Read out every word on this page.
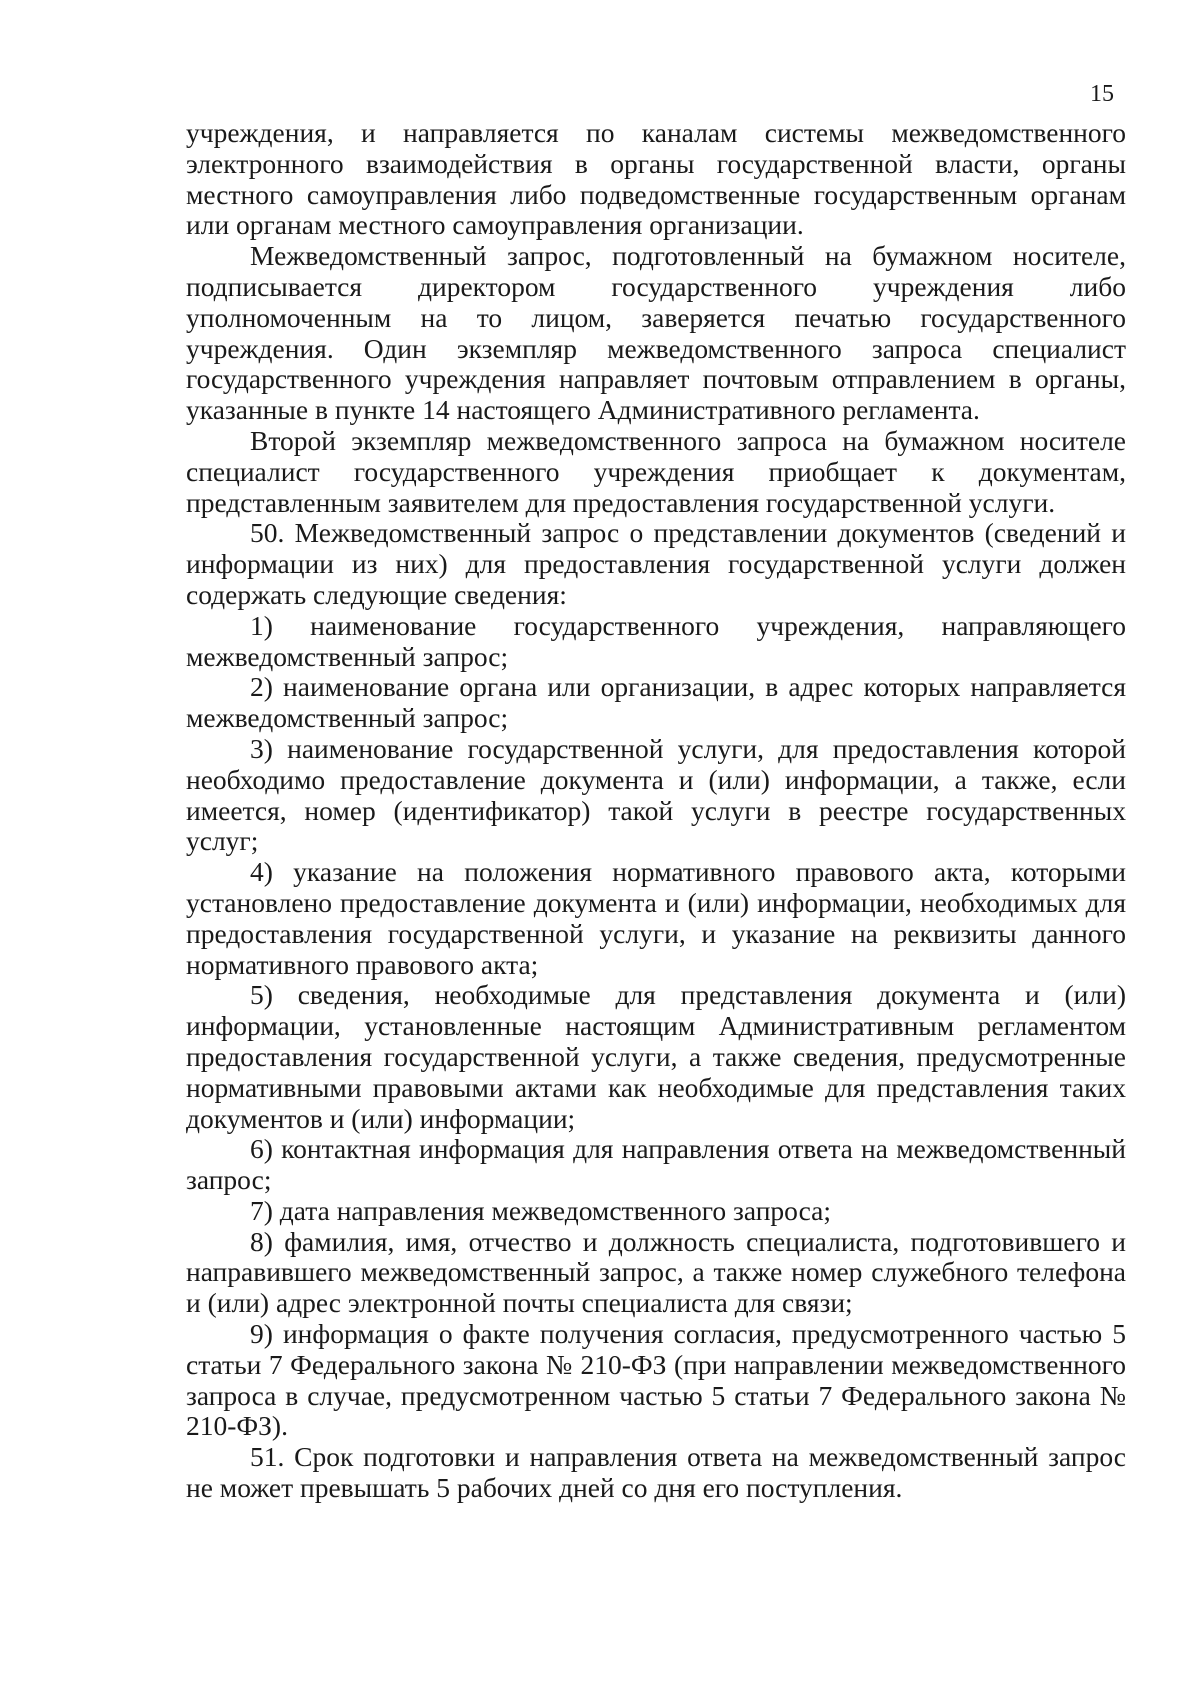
15

учреждения, и направляется по каналам системы межведомственного электронного взаимодействия в органы государственной власти, органы местного самоуправления либо подведомственные государственным органам или органам местного самоуправления организации.

Межведомственный запрос, подготовленный на бумажном носителе, подписывается директором государственного учреждения либо уполномоченным на то лицом, заверяется печатью государственного учреждения. Один экземпляр межведомственного запроса специалист государственного учреждения направляет почтовым отправлением в органы, указанные в пункте 14 настоящего Административного регламента.

Второй экземпляр межведомственного запроса на бумажном носителе специалист государственного учреждения приобщает к документам, представленным заявителем для предоставления государственной услуги.

50. Межведомственный запрос о представлении документов (сведений и информации из них) для предоставления государственной услуги должен содержать следующие сведения:

1) наименование государственного учреждения, направляющего межведомственный запрос;

2) наименование органа или организации, в адрес которых направляется межведомственный запрос;

3) наименование государственной услуги, для предоставления которой необходимо предоставление документа и (или) информации, а также, если имеется, номер (идентификатор) такой услуги в реестре государственных услуг;

4) указание на положения нормативного правового акта, которыми установлено предоставление документа и (или) информации, необходимых для предоставления государственной услуги, и указание на реквизиты данного нормативного правового акта;

5) сведения, необходимые для представления документа и (или) информации, установленные настоящим Административным регламентом предоставления государственной услуги, а также сведения, предусмотренные нормативными правовыми актами как необходимые для представления таких документов и (или) информации;

6) контактная информация для направления ответа на межведомственный запрос;

7) дата направления межведомственного запроса;

8) фамилия, имя, отчество и должность специалиста, подготовившего и направившего межведомственный запрос, а также номер служебного телефона и (или) адрес электронной почты специалиста для связи;

9) информация о факте получения согласия, предусмотренного частью 5 статьи 7 Федерального закона № 210-ФЗ (при направлении межведомственного запроса в случае, предусмотренном частью 5 статьи 7 Федерального закона № 210-ФЗ).

51. Срок подготовки и направления ответа на межведомственный запрос не может превышать 5 рабочих дней со дня его поступления.
